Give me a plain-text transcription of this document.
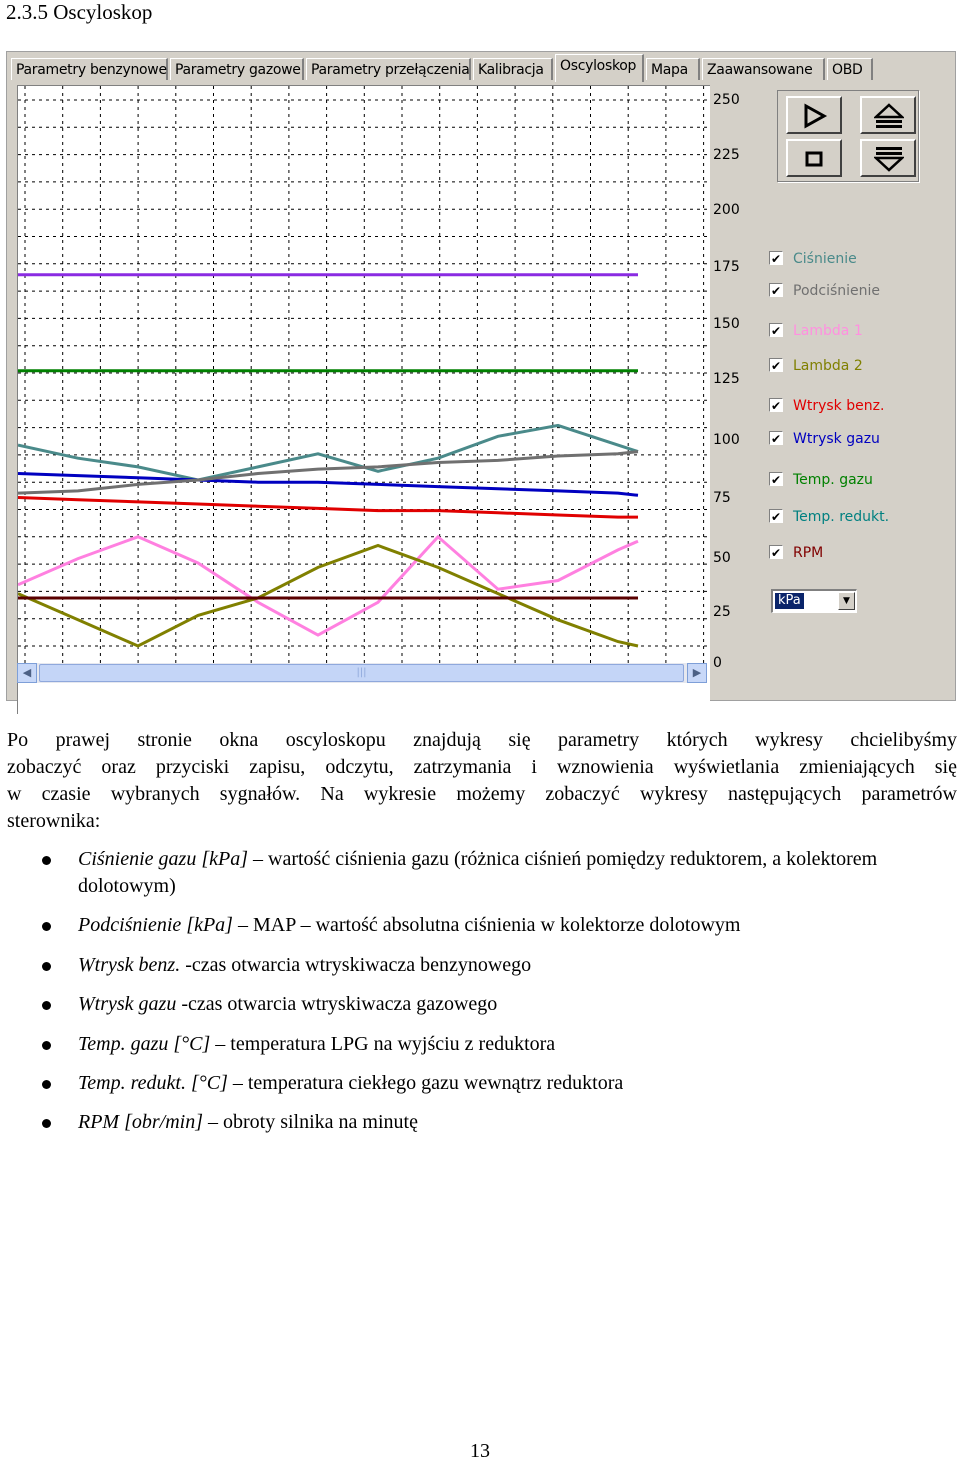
2.3.5 Oscyloskop
Parametry benzynowe Parametry gazowe Parametry przełączenia Kalibracja	Oscyloskop	Mapa	Zaawansowane	OBD
250
225
200
175
150
125
100
75
50
25
0
✔
Ciśnienie
✔
Podciśnienie
✔
Lambda 1
✔
Lambda 2
✔
Wtrysk benz.
✔
Wtrysk gazu
✔
Temp. gazu
✔
Temp. redukt.
✔
RPM
kPa	▼
◀	|||	▶
Po prawej stronie okna oscyloskopu znajdują się parametry których wykresy chcielibyśmy
zobaczyć oraz przyciski zapisu, odczytu, zatrzymania i wznowienia wyświetlania zmieniających się
w czasie wybranych sygnałów. Na wykresie możemy zobaczyć wykresy następujących parametrów
sterownika:
Ciśnienie gazu [kPa] – wartość ciśnienia gazu (różnica ciśnień pomiędzy reduktorem, a kolektorem dolotowym)
Podciśnienie [kPa] – MAP – wartość absolutna ciśnienia w kolektorze dolotowym
Wtrysk benz. -czas otwarcia wtryskiwacza benzynowego
Wtrysk gazu -czas otwarcia wtryskiwacza gazowego
Temp. gazu [°C] – temperatura LPG na wyjściu z reduktora
Temp. redukt. [°C] – temperatura ciekłego gazu wewnątrz reduktora
RPM [obr/min] – obroty silnika na minutę
13
